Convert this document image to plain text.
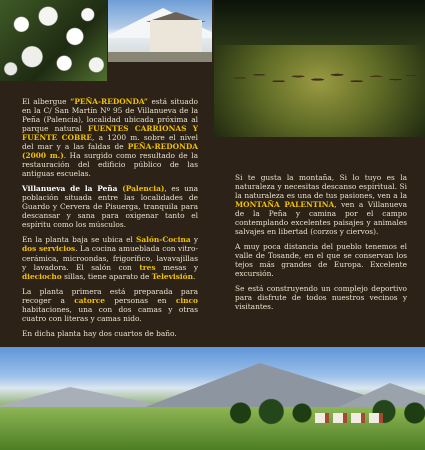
El albergue “PEÑA-REDONDA” está situado en la C/ San Martín Nº 95 de Villanueva de la Peña (Palencia), localidad ubicada próxima al parque natural FUENTES CARRIONAS Y FUENTE COBRE, a 1200 m. sobre el nivel del mar y a las faldas de PEÑA-REDONDA (2000 m.). Ha surgido como resultado de la restauración del edificio público de las antiguas escuelas.

Villanueva de la Peña (Palencia), es una población situada entre las localidades de Guardo y Cervera de Pisuerga, tranquila para descansar y sana para oxigenar tanto el espíritu como los músculos.

En la planta baja se ubica el Salón-Cocina y dos servicios. La cocina amueblada con vitro-cerámica, microondas, frigorífico, lavavajillas y lavadora. El salón con tres mesas y dieciocho sillas, tiene aparato de Televisión.

La planta primera está preparada para recoger a catorce personas en cinco habitaciones, una con dos camas y otras cuatro con literas y camas nido.

En dicha planta hay dos cuartos de baño.

Si te gusta la montaña, Si lo tuyo es la naturaleza y necesitas descanso espiritual. Si la naturaleza es una de tus pasiones, ven a la MONTAÑA PALENTINA, ven a Villanueva de la Peña y camina por el campo contemplando excelentes paisajes y animales salvajes en libertad (corzos y ciervos).

A muy poca distancia del pueblo tenemos el valle de Tosande, en el que se conservan los tejos más grandes de Europa. Excelente excursión.

Se está construyendo un complejo deportivo para disfrute de todos nuestros vecinos y visitantes.
